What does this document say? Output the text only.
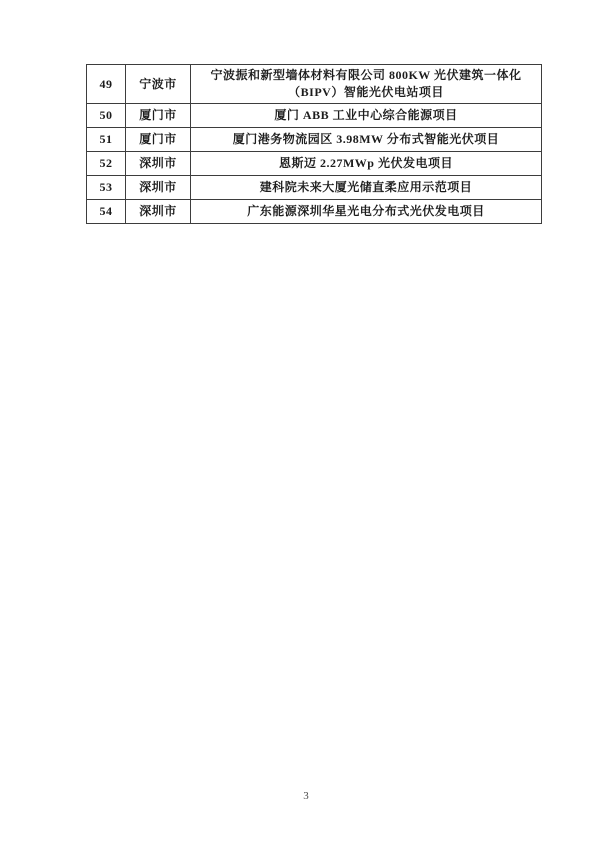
49	宁波市	宁波振和新型墙体材料有限公司 800KW 光伏建筑一体化（BIPV）智能光伏电站项目
50	厦门市	厦门 ABB 工业中心综合能源项目
51	厦门市	厦门港务物流园区 3.98MW 分布式智能光伏项目
52	深圳市	恩斯迈 2.27MWp 光伏发电项目
53	深圳市	建科院未来大厦光储直柔应用示范项目
54	深圳市	广东能源深圳华星光电分布式光伏发电项目
3
